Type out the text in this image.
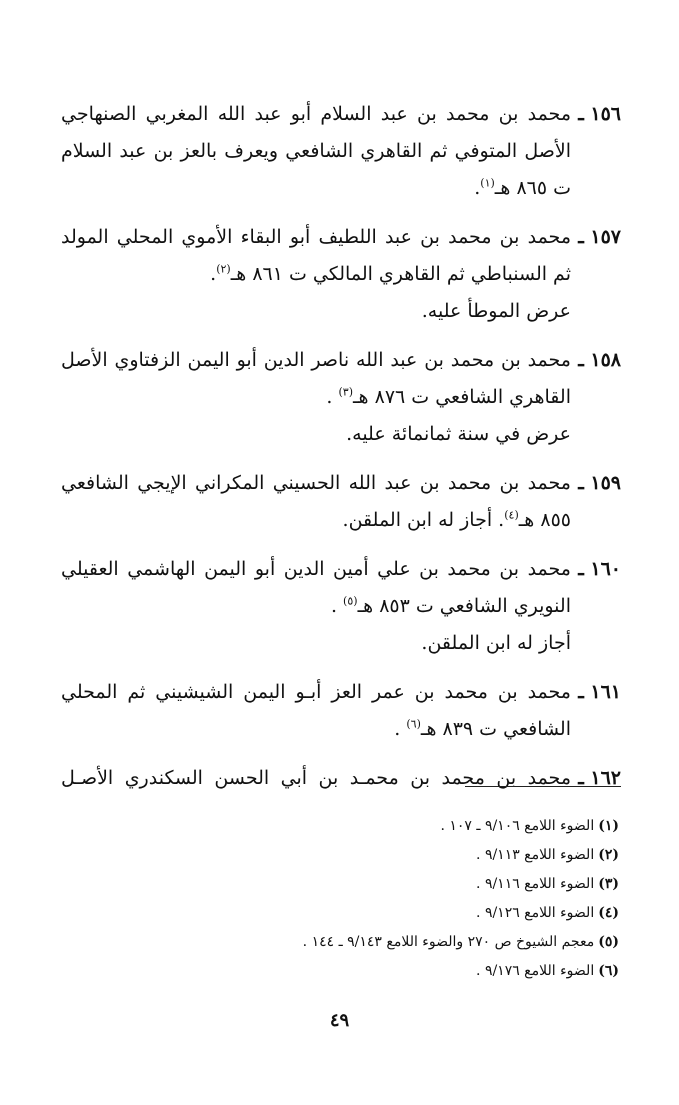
١٥٦ ـ
محمد بن محمد بن عبد السلام أبو عبد الله المغربي الصنهاجي
الأصل المتوفي ثم القاهري الشافعي ويعرف بالعز بن عبد السلام
ت ٨٦٥ هـ$^{(١)}$.
١٥٧ ـ
محمد بن محمد بن عبد اللطيف أبو البقاء الأموي المحلي المولد
ثم السنباطي ثم القاهري المالكي ت ٨٦١ هـ$^{(٢)}$.
عرض الموطأ عليه.
١٥٨ ـ
محمد بن محمد بن عبد الله ناصر الدين أبو اليمن الزفتاوي الأصل
القاهري الشافعي ت ٨٧٦ هـ$^{(٣)}$ .
عرض في سنة ثمانمائة عليه.
١٥٩ ـ
محمد بن محمد بن عبد الله الحسيني المكراني الإيجي الشافعي
٨٥٥ هـ$^{(٤)}$. أجاز له ابن الملقن.
١٦٠ ـ
محمد بن محمد بن علي أمين الدين أبو اليمن الهاشمي العقيلي
النويري الشافعي ت ٨٥٣ هـ$^{(٥)}$ .
أجاز له ابن الملقن.
١٦١ ـ
محمد بن محمد بن عمر العز أبـو اليمن الشيشيني ثم المحلي
الشافعي ت ٨٣٩ هـ$^{(٦)}$ .
١٦٢ ـ
محمد بن محمد بن محمـد بن أبي الحسن السكندري الأصـل
(١)الضوء اللامع ٩/١٠٦ ـ ١٠٧ .
(٢)الضوء اللامع ٩/١١٣ .
(٣)الضوء اللامع ٩/١١٦ .
(٤)الضوء اللامع ٩/١٢٦ .
(٥)معجم الشيوخ ص ٢٧٠ والضوء اللامع ٩/١٤٣ ـ ١٤٤ .
(٦)الضوء اللامع ٩/١٧٦ .
٤٩
